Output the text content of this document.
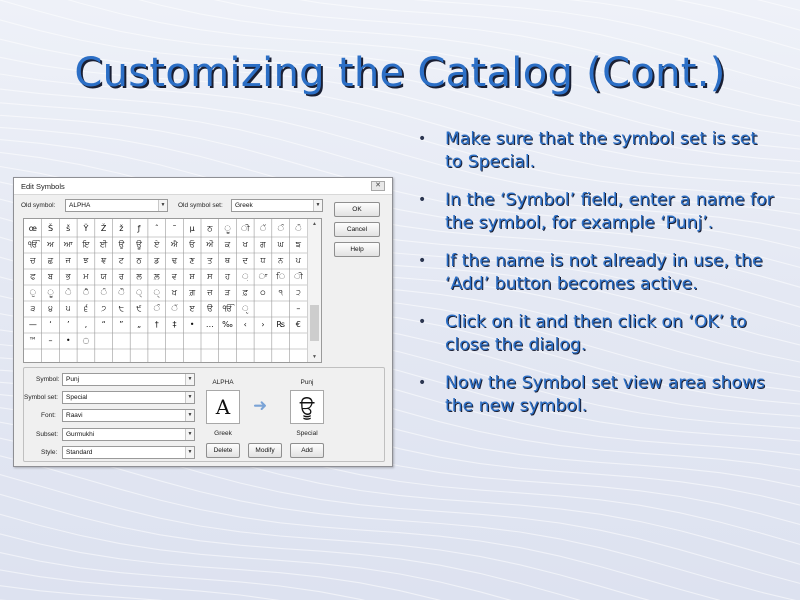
Customizing the Catalog (Cont.)
• Make sure that the symbol set is set to Special.
• In the ‘Symbol’ field, enter a name for the symbol, for example ‘Punj’.
• If the name is not already in use, the ‘Add’ button becomes active.
• Click on it and then click on ‘OK’ to close the dialog.
• Now the Symbol set view area shows the new symbol.
Edit Symbols	✕
Old symbol: ALPHA	▼ Old symbol set: Greek	▼
OK
Cancel
Help
œ	Š	š	Ÿ	Ž	ž	ƒ	ˆ	˜	µ	ਠ	ੂ	ੀ	ੱ	ੰ	ੋ
ੴ	ਅ	ਆ	ਇ	ਈ	ਉ	ਊ	ਏ	ਐ	ਓ	ਔ	ਕ	ਖ	ਗ	ਘ	ਙ
ਚ	ਛ	ਜ	ਝ	ਞ	ਟ	ਠ	ਡ	ਢ	ਣ	ਤ	ਥ	ਦ	ਧ	ਨ	ਪ
ਫ	ਬ	ਭ	ਮ	ਯ	ਰ	ਲ	ਲ਼	ਵ	ਸ਼	ਸ	ਹ	਼	ਾ	ਿ	ੀ
ੁ	ੂ	ੇ	ੈ	ੋ	ੌ	੍	ੑ	ਖ਼	ਗ਼	ਜ਼	ੜ	ਫ਼	੦	੧	੨
੩	੪	੫	੬	੭	੮	੯	ੰ	ੱ	ੲ	ੳ	ੴ	ੵ	–
—	‘	’	‚	“	”	„	†	‡	•	…	‰	‹	›	₨	€
™	–	•	◌
▲
▼
Symbol: Punj	▼
Symbol set: Special	▼
Font: Raavi	▼
Subset: Gurmukhi	▼
Style: Standard	▼
ALPHA
A
Greek
➜
Punj
ਊ
Special
Delete	Modify	Add
